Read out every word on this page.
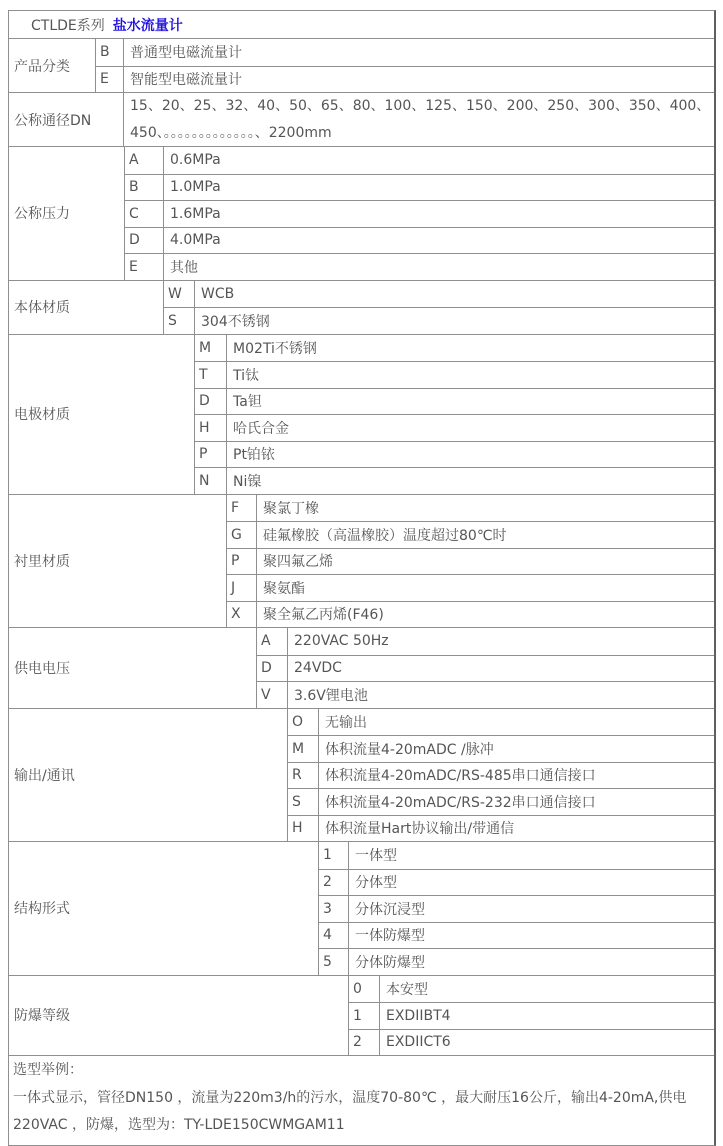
CTLDE系列 盐水流量计
产品分类
B	普通型电磁流量计
E	智能型电磁流量计
公称通径DN
15、20、25、32、40、50、65、80、100、125、150、200、250、300、350、400、
450、。。。。。。。。。。。。。、2200mm
公称压力
A	0.6MPa
B	1.0MPa
C	1.6MPa
D	4.0MPa
E	其他
本体材质
W	WCB
S	304不锈钢
电极材质
M	M02Ti不锈钢
T	Ti钛
D	Ta钽
H	哈氏合金
P	Pt铂铱
N	Ni镍
衬里材质
F	聚氯丁橡
G	硅氟橡胶（高温橡胶）温度超过80℃时
P	聚四氟乙烯
J	聚氨酯
X	聚全氟乙丙烯(F46)
供电电压
A	220VAC 50Hz
D	24VDC
V	3.6V锂电池
输出/通讯
O	无输出
M	体积流量4-20mADC /脉冲
R	体积流量4-20mADC/RS-485串口通信接口
S	体积流量4-20mADC/RS-232串口通信接口
H	体积流量Hart协议输出/带通信
结构形式
1	一体型
2	分体型
3	分体沉浸型
4	一体防爆型
5	分体防爆型
防爆等级
0	本安型
1	EXDIIBT4
2	EXDIICT6
选型举例：
一体式显示，管径DN150 ，流量为220m3/h的污水，温度70-80℃ ，最大耐压16公斤，输出4-20mA,供电220VAC ，防爆，选型为：TY-LDE150CWMGAM11
